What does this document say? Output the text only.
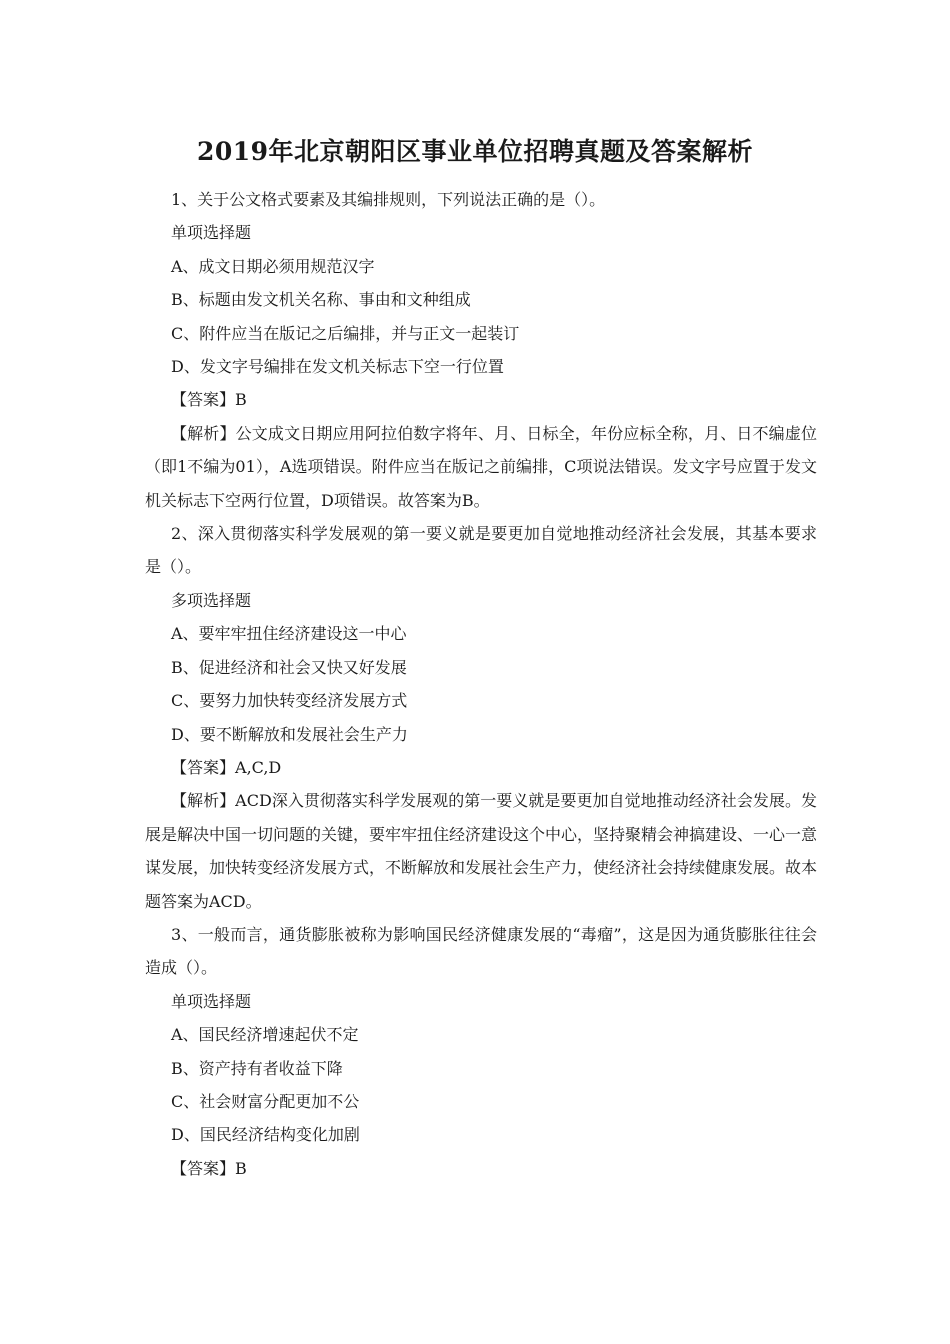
2019年北京朝阳区事业单位招聘真题及答案解析
1、关于公文格式要素及其编排规则，下列说法正确的是（）。
单项选择题
A、成文日期必须用规范汉字
B、标题由发文机关名称、事由和文种组成
C、附件应当在版记之后编排，并与正文一起装订
D、发文字号编排在发文机关标志下空一行位置
【答案】B
【解析】公文成文日期应用阿拉伯数字将年、月、日标全，年份应标全称，月、日不编虚位（即1不编为01），A选项错误。附件应当在版记之前编排，C项说法错误。发文字号应置于发文机关标志下空两行位置，D项错误。故答案为B。
2、深入贯彻落实科学发展观的第一要义就是要更加自觉地推动经济社会发展，其基本要求是（）。
多项选择题
A、要牢牢扭住经济建设这一中心
B、促进经济和社会又快又好发展
C、要努力加快转变经济发展方式
D、要不断解放和发展社会生产力
【答案】A,C,D
【解析】ACD深入贯彻落实科学发展观的第一要义就是要更加自觉地推动经济社会发展。发展是解决中国一切问题的关键，要牢牢扭住经济建设这个中心，坚持聚精会神搞建设、一心一意谋发展，加快转变经济发展方式，不断解放和发展社会生产力，使经济社会持续健康发展。故本题答案为ACD。
3、一般而言，通货膨胀被称为影响国民经济健康发展的“毒瘤”，这是因为通货膨胀往往会造成（）。
单项选择题
A、国民经济增速起伏不定
B、资产持有者收益下降
C、社会财富分配更加不公
D、国民经济结构变化加剧
【答案】B
